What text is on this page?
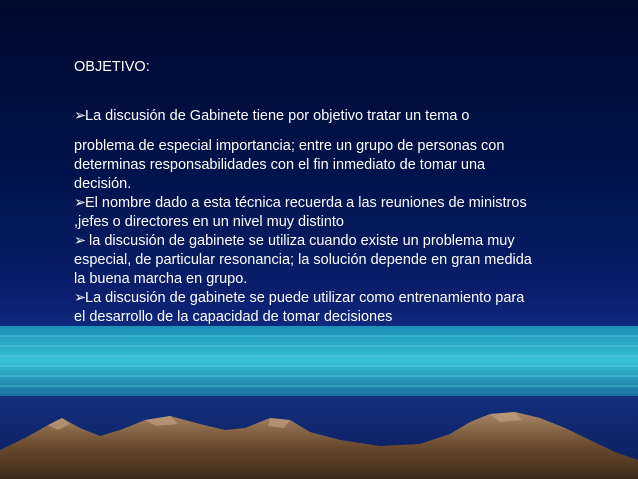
OBJETIVO:

➢La discusión de Gabinete tiene por objetivo tratar un tema o

problema de especial importancia; entre un grupo de personas con determinas responsabilidades con el fin inmediato de tomar una decisión.

➢El nombre dado a esta técnica recuerda a las reuniones de ministros ,jefes o directores en un nivel muy distinto

➢ la discusión de gabinete se utiliza cuando existe un problema muy especial, de particular resonancia; la solución depende en gran medida la buena marcha en grupo.

➢La discusión de gabinete se puede utilizar como entrenamiento para el desarrollo de la capacidad de tomar decisiones
